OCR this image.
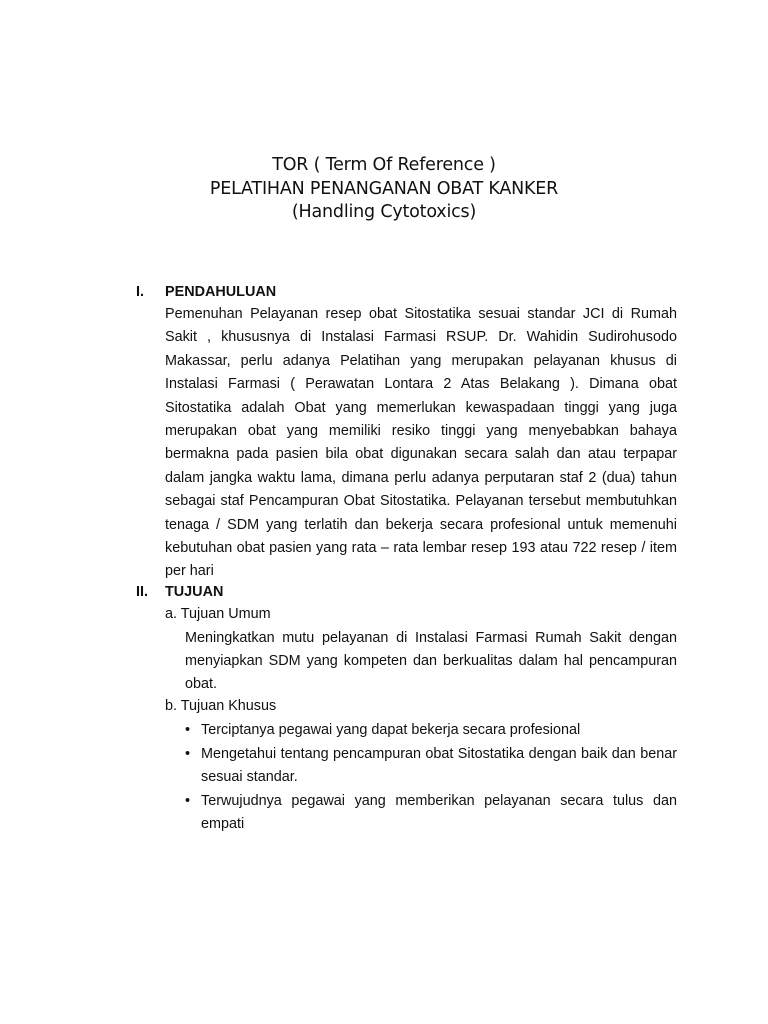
TOR ( Term Of Reference )
PELATIHAN PENANGANAN OBAT KANKER
(Handling Cytotoxics)
I. PENDAHULUAN

Pemenuhan Pelayanan resep obat Sitostatika sesuai standar JCI di Rumah Sakit , khususnya di Instalasi Farmasi RSUP. Dr. Wahidin Sudirohusodo Makassar, perlu adanya Pelatihan yang merupakan pelayanan khusus di Instalasi Farmasi ( Perawatan Lontara 2 Atas Belakang ). Dimana obat Sitostatika adalah Obat yang memerlukan kewaspadaan tinggi yang juga merupakan obat yang memiliki resiko tinggi yang menyebabkan bahaya bermakna pada pasien bila obat digunakan secara salah dan atau terpapar dalam jangka waktu lama, dimana perlu adanya perputaran staf 2 (dua) tahun sebagai staf Pencampuran Obat Sitostatika. Pelayanan tersebut membutuhkan tenaga / SDM yang terlatih dan bekerja secara profesional untuk memenuhi kebutuhan obat pasien yang rata – rata lembar resep 193 atau 722 resep / item per hari

II. TUJUAN
a. Tujuan Umum

Meningkatkan mutu pelayanan di Instalasi Farmasi Rumah Sakit dengan menyiapkan SDM yang kompeten dan berkualitas dalam hal pencampuran obat.

b. Tujuan Khusus
• Terciptanya pegawai yang dapat bekerja secara profesional
• Mengetahui tentang pencampuran obat Sitostatika dengan baik dan benar sesuai standar.
• Terwujudnya pegawai yang memberikan pelayanan secara tulus dan empati
